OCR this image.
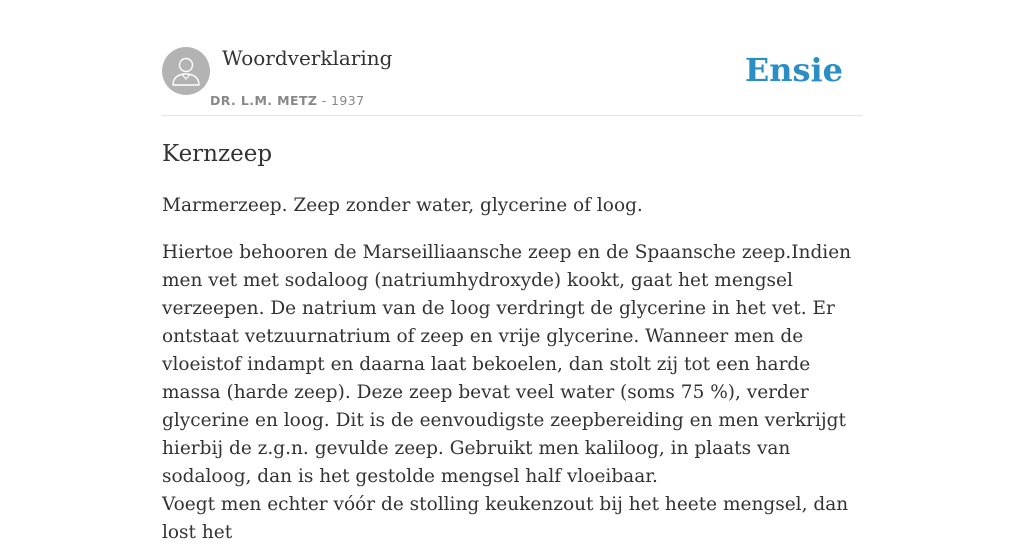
Woordverklaring
DR. L.M. METZ - 1937
Ensie
Kernzeep

Marmerzeep. Zeep zonder water, glycerine of loog.

Hiertoe behooren de Marseilliaansche zeep en de Spaansche zeep.Indien men vet met sodaloog (natriumhydroxyde) kookt, gaat het mengsel verzeepen. De natrium van de loog verdringt de glycerine in het vet. Er ontstaat vetzuurnatrium of zeep en vrije glycerine. Wanneer men de vloeistof indampt en daarna laat bekoelen, dan stolt zij tot een harde massa (harde zeep). Deze zeep bevat veel water (soms 75 %), verder glycerine en loog. Dit is de eenvoudigste zeepbereiding en men verkrijgt hierbij de z.g.n. gevulde zeep. Gebruikt men kaliloog, in plaats van sodaloog, dan is het gestolde mengsel half vloeibaar.

Voegt men echter vóór de stolling keukenzout bij het heete mengsel, dan lost het
